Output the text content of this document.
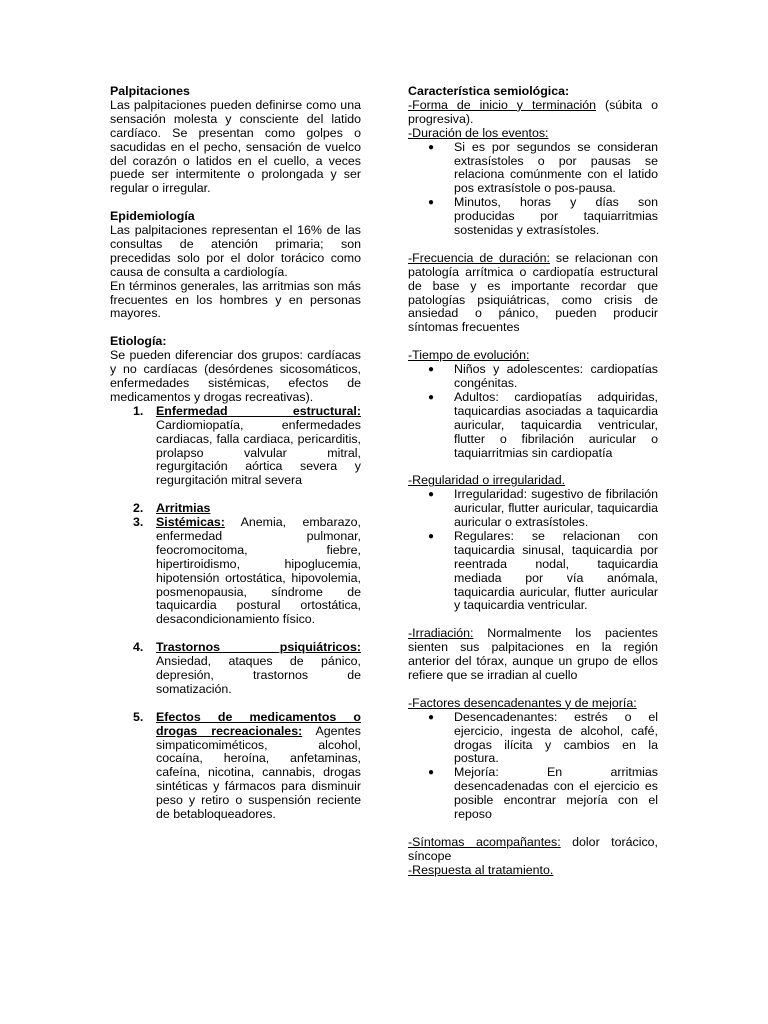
Palpitaciones

Las palpitaciones pueden definirse como una sensación molesta y consciente del latido cardíaco. Se presentan como golpes o sacudidas en el pecho, sensación de vuelco del corazón o latidos en el cuello, a veces puede ser intermitente o prolongada y ser regular o irregular.

Epidemiología

Las palpitaciones representan el 16% de las consultas de atención primaria; son precedidas solo por el dolor torácico como causa de consulta a cardiología.

En términos generales, las arritmias son más frecuentes en los hombres y en personas mayores.

Etiología:

Se pueden diferenciar dos grupos: cardíacas y no cardíacas (desórdenes sicosomáticos, enfermedades sistémicas, efectos de medicamentos y drogas recreativas).

1. Enfermedad estructural: Cardiomiopatía, enfermedades cardiacas, falla cardiaca, pericarditis, prolapso valvular mitral, regurgitación aórtica severa y regurgitación mitral severa

2. Arritmias

3. Sistémicas: Anemia, embarazo, enfermedad pulmonar, feocromocitoma, fiebre, hipertiroidismo, hipoglucemia, hipotensión ortostática, hipovolemia, posmenopausia, síndrome de taquicardia postural ortostática, desacondicionamiento físico.

4. Trastornos psiquiátricos: Ansiedad, ataques de pánico, depresión, trastornos de somatización.

5. Efectos de medicamentos o drogas recreacionales: Agentes simpaticomiméticos, alcohol, cocaína, heroína, anfetaminas, cafeína, nicotina, cannabis, drogas sintéticas y fármacos para disminuir peso y retiro o suspensión reciente de betabloqueadores.

Característica semiológica:

-Forma de inicio y terminación (súbita o progresiva).

-Duración de los eventos:

● Si es por segundos se consideran extrasístoles o por pausas se relaciona comúnmente con el latido pos extrasístole o pos-pausa.
● Minutos, horas y días son producidas por taquiarritmias sostenidas y extrasístoles.

-Frecuencia de duración: se relacionan con patología arrítmica o cardiopatía estructural de base y es importante recordar que patologías psiquiátricas, como crisis de ansiedad o pánico, pueden producir síntomas frecuentes

-Tiempo de evolución:

● Niños y adolescentes: cardiopatías congénitas.
● Adultos: cardiopatías adquiridas, taquicardias asociadas a taquicardia auricular, taquicardia ventricular, flutter o fibrilación auricular o taquiarritmias sin cardiopatía

-Regularidad o irregularidad.

● Irregularidad: sugestivo de fibrilación auricular, flutter auricular, taquicardia auricular o extrasístoles.
● Regulares: se relacionan con taquicardia sinusal, taquicardia por reentrada nodal, taquicardia mediada por vía anómala, taquicardia auricular, flutter auricular y taquicardia ventricular.

-Irradiación: Normalmente los pacientes sienten sus palpitaciones en la región anterior del tórax, aunque un grupo de ellos refiere que se irradian al cuello

-Factores desencadenantes y de mejoría:

● Desencadenantes: estrés o el ejercicio, ingesta de alcohol, café, drogas ilícita y cambios en la postura.
● Mejoría: En arritmias desencadenadas con el ejercicio es posible encontrar mejoría con el reposo

-Síntomas acompañantes: dolor torácico, síncope

-Respuesta al tratamiento.
